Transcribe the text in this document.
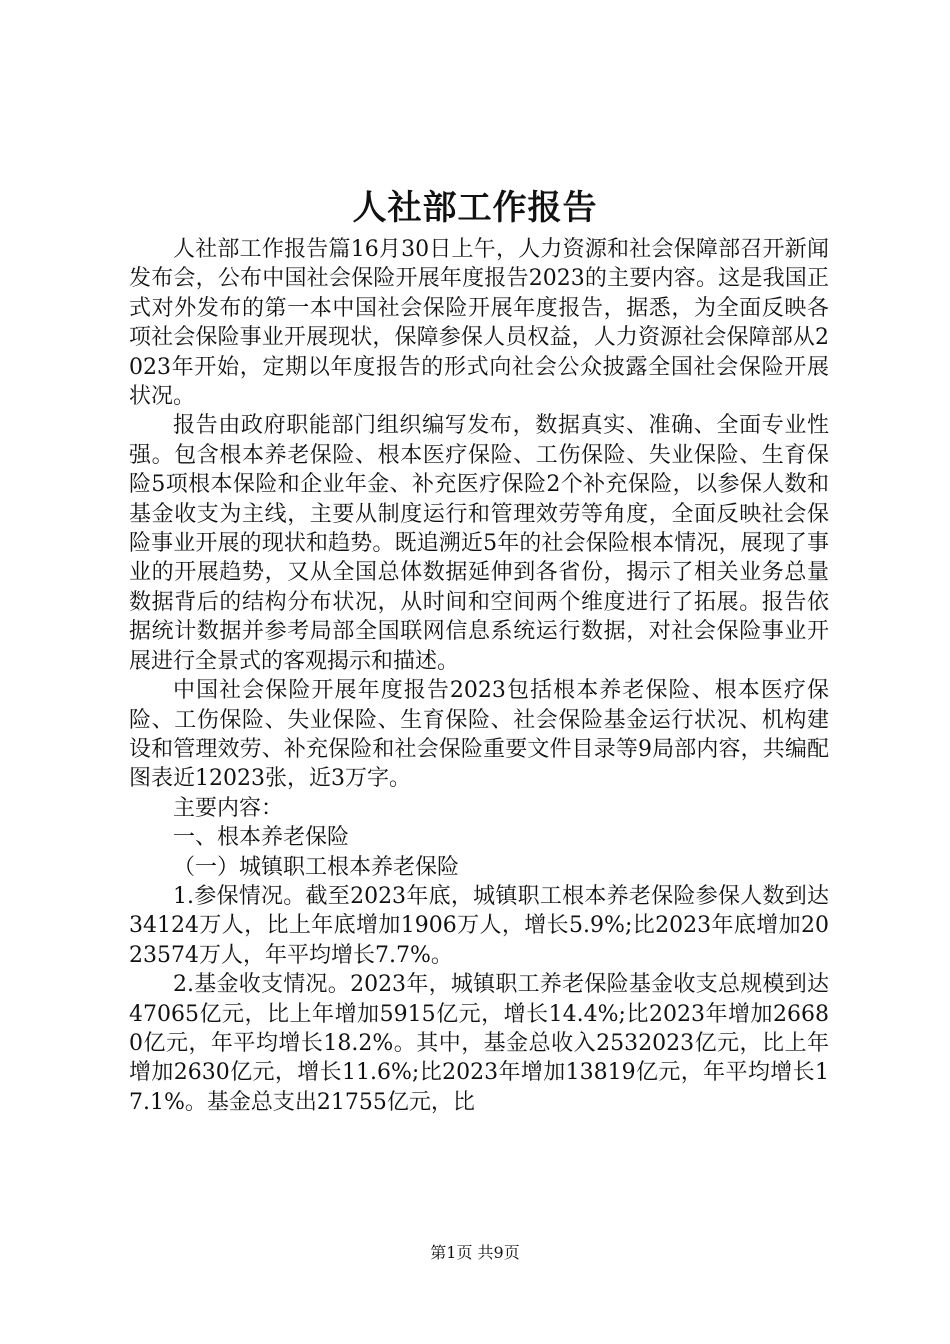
人社部工作报告

人社部工作报告篇16月30日上午，人力资源和社会保障部召开新闻发布会，公布中国社会保险开展年度报告2023的主要内容。这是我国正式对外发布的第一本中国社会保险开展年度报告，据悉，为全面反映各项社会保险事业开展现状，保障参保人员权益，人力资源社会保障部从2023年开始，定期以年度报告的形式向社会公众披露全国社会保险开展状况。

报告由政府职能部门组织编写发布，数据真实、准确、全面专业性强。包含根本养老保险、根本医疗保险、工伤保险、失业保险、生育保险5项根本保险和企业年金、补充医疗保险2个补充保险，以参保人数和基金收支为主线，主要从制度运行和管理效劳等角度，全面反映社会保险事业开展的现状和趋势。既追溯近5年的社会保险根本情况，展现了事业的开展趋势，又从全国总体数据延伸到各省份，揭示了相关业务总量数据背后的结构分布状况，从时间和空间两个维度进行了拓展。报告依据统计数据并参考局部全国联网信息系统运行数据，对社会保险事业开展进行全景式的客观揭示和描述。

中国社会保险开展年度报告2023包括根本养老保险、根本医疗保险、工伤保险、失业保险、生育保险、社会保险基金运行状况、机构建设和管理效劳、补充保险和社会保险重要文件目录等9局部内容，共编配图表近12023张，近3万字。

主要内容：

一、根本养老保险

（一）城镇职工根本养老保险

1.参保情况。截至2023年底，城镇职工根本养老保险参保人数到达34124万人，比上年底增加1906万人，增长5.9%;比2023年底增加2023574万人，年平均增长7.7%。

2.基金收支情况。2023年，城镇职工养老保险基金收支总规模到达47065亿元，比上年增加5915亿元，增长14.4%;比2023年增加26680亿元，年平均增长18.2%。其中，基金总收入2532023亿元，比上年增加2630亿元，增长11.6%;比2023年增加13819亿元，年平均增长17.1%。基金总支出21755亿元，比

第1页 共9页
